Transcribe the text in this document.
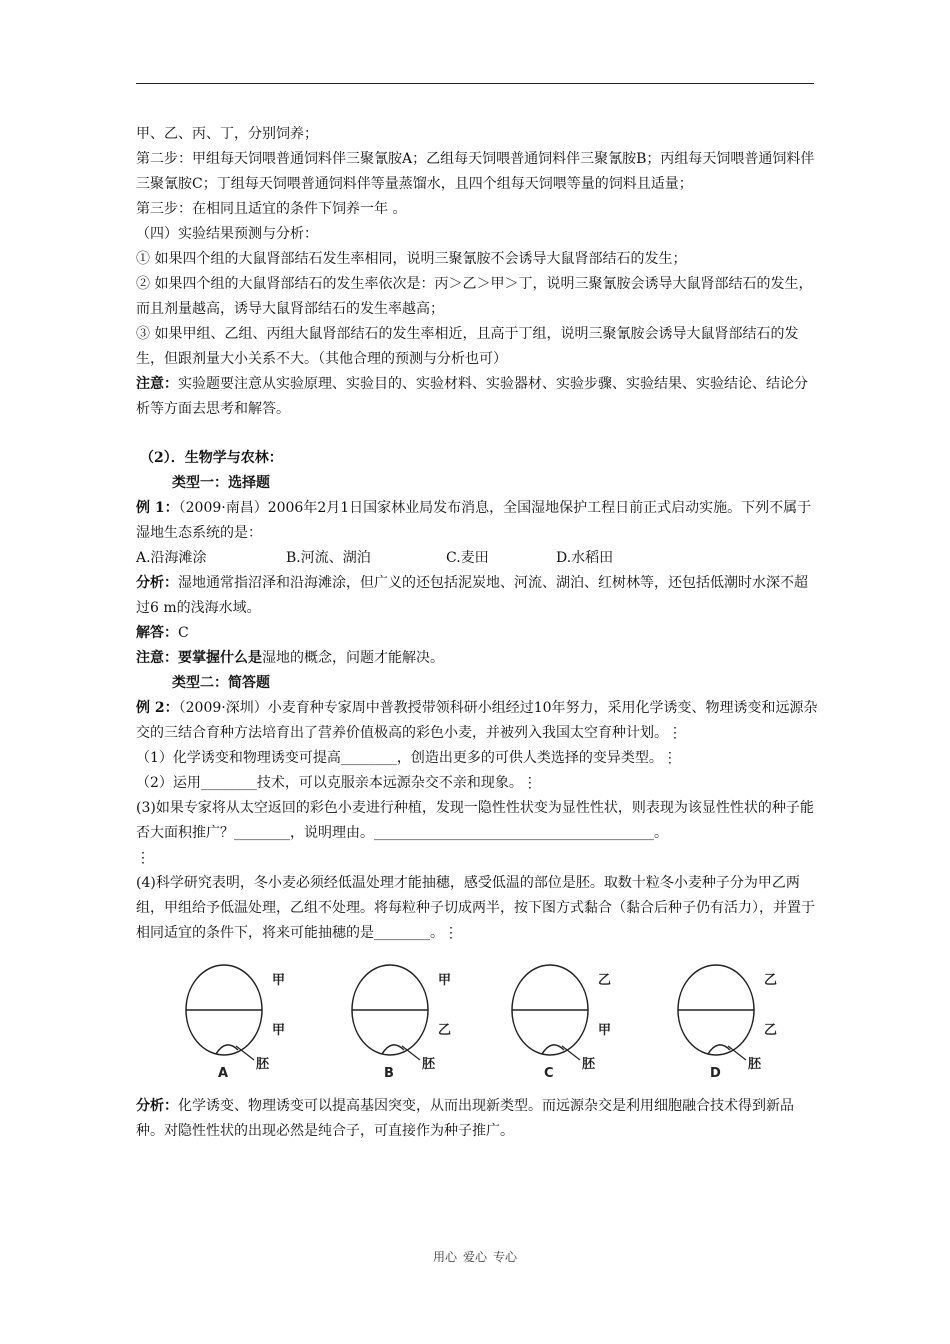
甲、乙、丙、丁，分别饲养；

第二步：甲组每天饲喂普通饲料伴三聚氰胺A；乙组每天饲喂普通饲料伴三聚氰胺B；丙组每天饲喂普通饲料伴三聚氰胺C；丁组每天饲喂普通饲料伴等量蒸馏水，且四个组每天饲喂等量的饲料且适量；

第三步：在相同且适宜的条件下饲养一年 。

（四）实验结果预测与分析：

① 如果四个组的大鼠肾部结石发生率相同，说明三聚氰胺不会诱导大鼠肾部结石的发生；

② 如果四个组的大鼠肾部结石的发生率依次是：丙＞乙＞甲＞丁，说明三聚氰胺会诱导大鼠肾部结石的发生，而且剂量越高，诱导大鼠肾部结石的发生率越高；

③ 如果甲组、乙组、丙组大鼠肾部结石的发生率相近，且高于丁组，说明三聚氰胺会诱导大鼠肾部结石的发生，但跟剂量大小关系不大。（其他合理的预测与分析也可）

注意：实验题要注意从实验原理、实验目的、实验材料、实验器材、实验步骤、实验结果、实验结论、结论分析等方面去思考和解答。

（2）．生物学与农林：

类型一：选择题

例 1：（2009·南昌）2006年2月1日国家林业局发布消息，全国湿地保护工程日前正式启动实施。下列不属于湿地生态系统的是：

A.沿海滩涂	B.河流、湖泊	C.麦田	D.水稻田

分析：湿地通常指沼泽和沿海滩涂，但广义的还包括泥炭地、河流、湖泊、红树林等，还包括低潮时水深不超过6 m的浅海水域。

解答：C

注意：要掌握什么是湿地的概念，问题才能解决。

类型二：简答题

例 2：（2009·深圳）小麦育种专家周中普教授带领科研小组经过10年努力，采用化学诱变、物理诱变和远源杂交的三结合育种方法培育出了营养价值极高的彩色小麦，并被列入我国太空育种计划。⋮

（1）化学诱变和物理诱变可提高________，创造出更多的可供人类选择的变异类型。⋮

（2）运用________技术，可以克服亲本远源杂交不亲和现象。⋮

(3)如果专家将从太空返回的彩色小麦进行种植，发现一隐性性状变为显性性状，则表现为该显性性状的种子能否大面积推广？________，说明理由。________________________________________。

⋮

(4)科学研究表明，冬小麦必须经低温处理才能抽穗，感受低温的部位是胚。取数十粒冬小麦种子分为甲乙两组，甲组给予低温处理，乙组不处理。将每粒种子切成两半，按下图方式黏合（黏合后种子仍有活力），并置于相同适宜的条件下，将来可能抽穗的是________。⋮

甲
甲
胚
A
甲
乙
胚
B
乙
甲
胚
C
乙
乙
胚
D

分析：化学诱变、物理诱变可以提高基因突变，从而出现新类型。而远源杂交是利用细胞融合技术得到新品种。对隐性性状的出现必然是纯合子，可直接作为种子推广。

用心 爱心 专心
